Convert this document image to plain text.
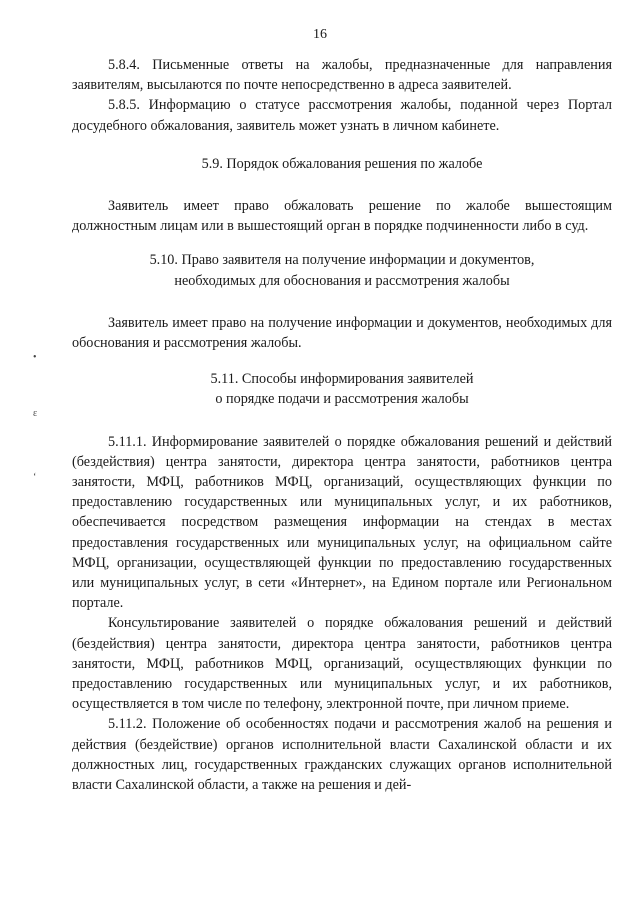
16
•
ɛ
ʻ

5.8.4. Письменные ответы на жалобы, предназначенные для направления заявителям, высылаются по почте непосредственно в адреса заявителей.

5.8.5. Информацию о статусе рассмотрения жалобы, поданной через Портал досудебного обжалования, заявитель может узнать в личном кабинете.

5.9. Порядок обжалования решения по жалобе

Заявитель имеет право обжаловать решение по жалобе вышестоящим должностным лицам или в вышестоящий орган в порядке подчиненности либо в суд.

5.10. Право заявителя на получение информации и документов,
необходимых для обоснования и рассмотрения жалобы

Заявитель имеет право на получение информации и документов, необходимых для обоснования и рассмотрения жалобы.

5.11. Способы информирования заявителей
о порядке подачи и рассмотрения жалобы

5.11.1. Информирование заявителей о порядке обжалования решений и действий (бездействия) центра занятости, директора центра занятости, работников центра занятости, МФЦ, работников МФЦ, организаций, осуществляющих функции по предоставлению государственных или муниципальных услуг, и их работников, обеспечивается посредством размещения информации на стендах в местах предоставления государственных или муниципальных услуг, на официальном сайте МФЦ, организации, осуществляющей функции по предоставлению государственных или муниципальных услуг, в сети «Интернет», на Едином портале или Региональном портале.

Консультирование заявителей о порядке обжалования решений и действий (бездействия) центра занятости, директора центра занятости, работников центра занятости, МФЦ, работников МФЦ, организаций, осуществляющих функции по предоставлению государственных или муниципальных услуг, и их работников, осуществляется в том числе по телефону, электронной почте, при личном приеме.

5.11.2. Положение об особенностях подачи и рассмотрения жалоб на решения и действия (бездействие) органов исполнительной власти Сахалинской области и их должностных лиц, государственных гражданских служащих органов исполнительной власти Сахалинской области, а также на решения и дей-
